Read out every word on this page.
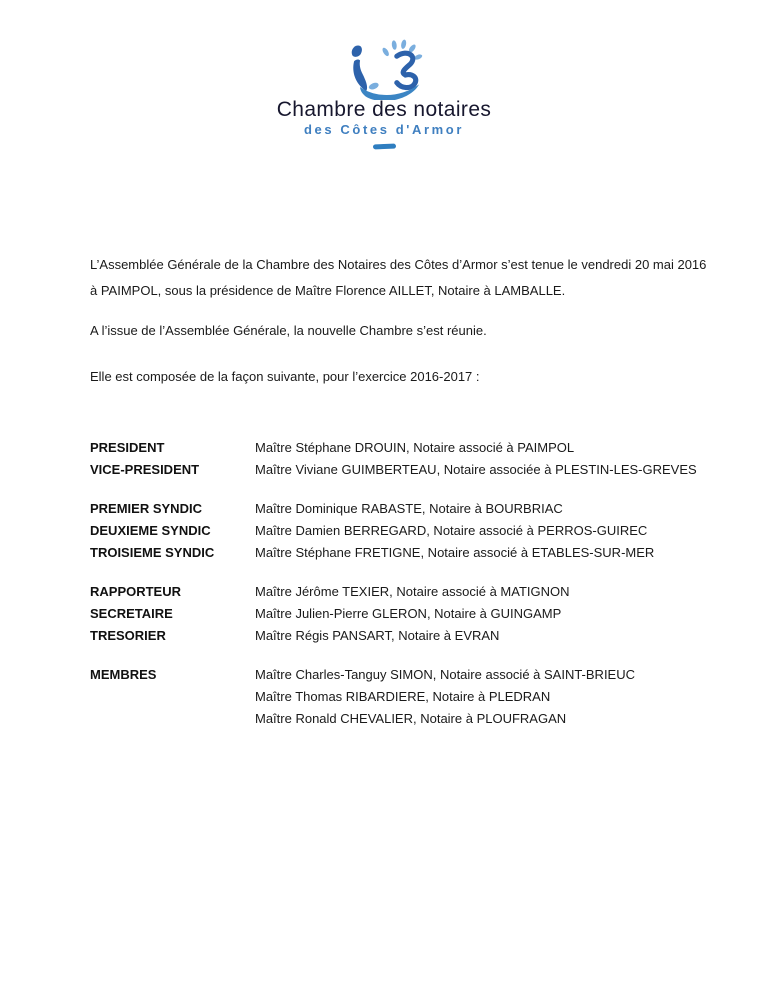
Chambre des notaires
des Côtes d'Armor

L’Assemblée Générale de la Chambre des Notaires des Côtes d’Armor s’est tenue le vendredi 20 mai 2016
à PAIMPOL, sous la présidence de Maître Florence AILLET, Notaire à LAMBALLE.

A l’issue de l’Assemblée Générale, la nouvelle Chambre s’est réunie.

Elle est composée de la façon suivante, pour l’exercice 2016-2017 :

PRESIDENT	Maître Stéphane DROUIN, Notaire associé à PAIMPOL
VICE-PRESIDENT	Maître Viviane GUIMBERTEAU, Notaire associée à PLESTIN-LES-GREVES
PREMIER SYNDIC	Maître Dominique RABASTE, Notaire à BOURBRIAC
DEUXIEME SYNDIC	Maître Damien BERREGARD, Notaire associé à PERROS-GUIREC
TROISIEME SYNDIC	Maître Stéphane FRETIGNE, Notaire associé à ETABLES-SUR-MER
RAPPORTEUR	Maître Jérôme TEXIER, Notaire associé à MATIGNON
SECRETAIRE	Maître Julien-Pierre GLERON, Notaire à GUINGAMP
TRESORIER	Maître Régis PANSART, Notaire à EVRAN
MEMBRES	Maître Charles-Tanguy SIMON, Notaire associé à SAINT-BRIEUC
Maître Thomas RIBARDIERE, Notaire à PLEDRAN
Maître Ronald CHEVALIER, Notaire à PLOUFRAGAN
